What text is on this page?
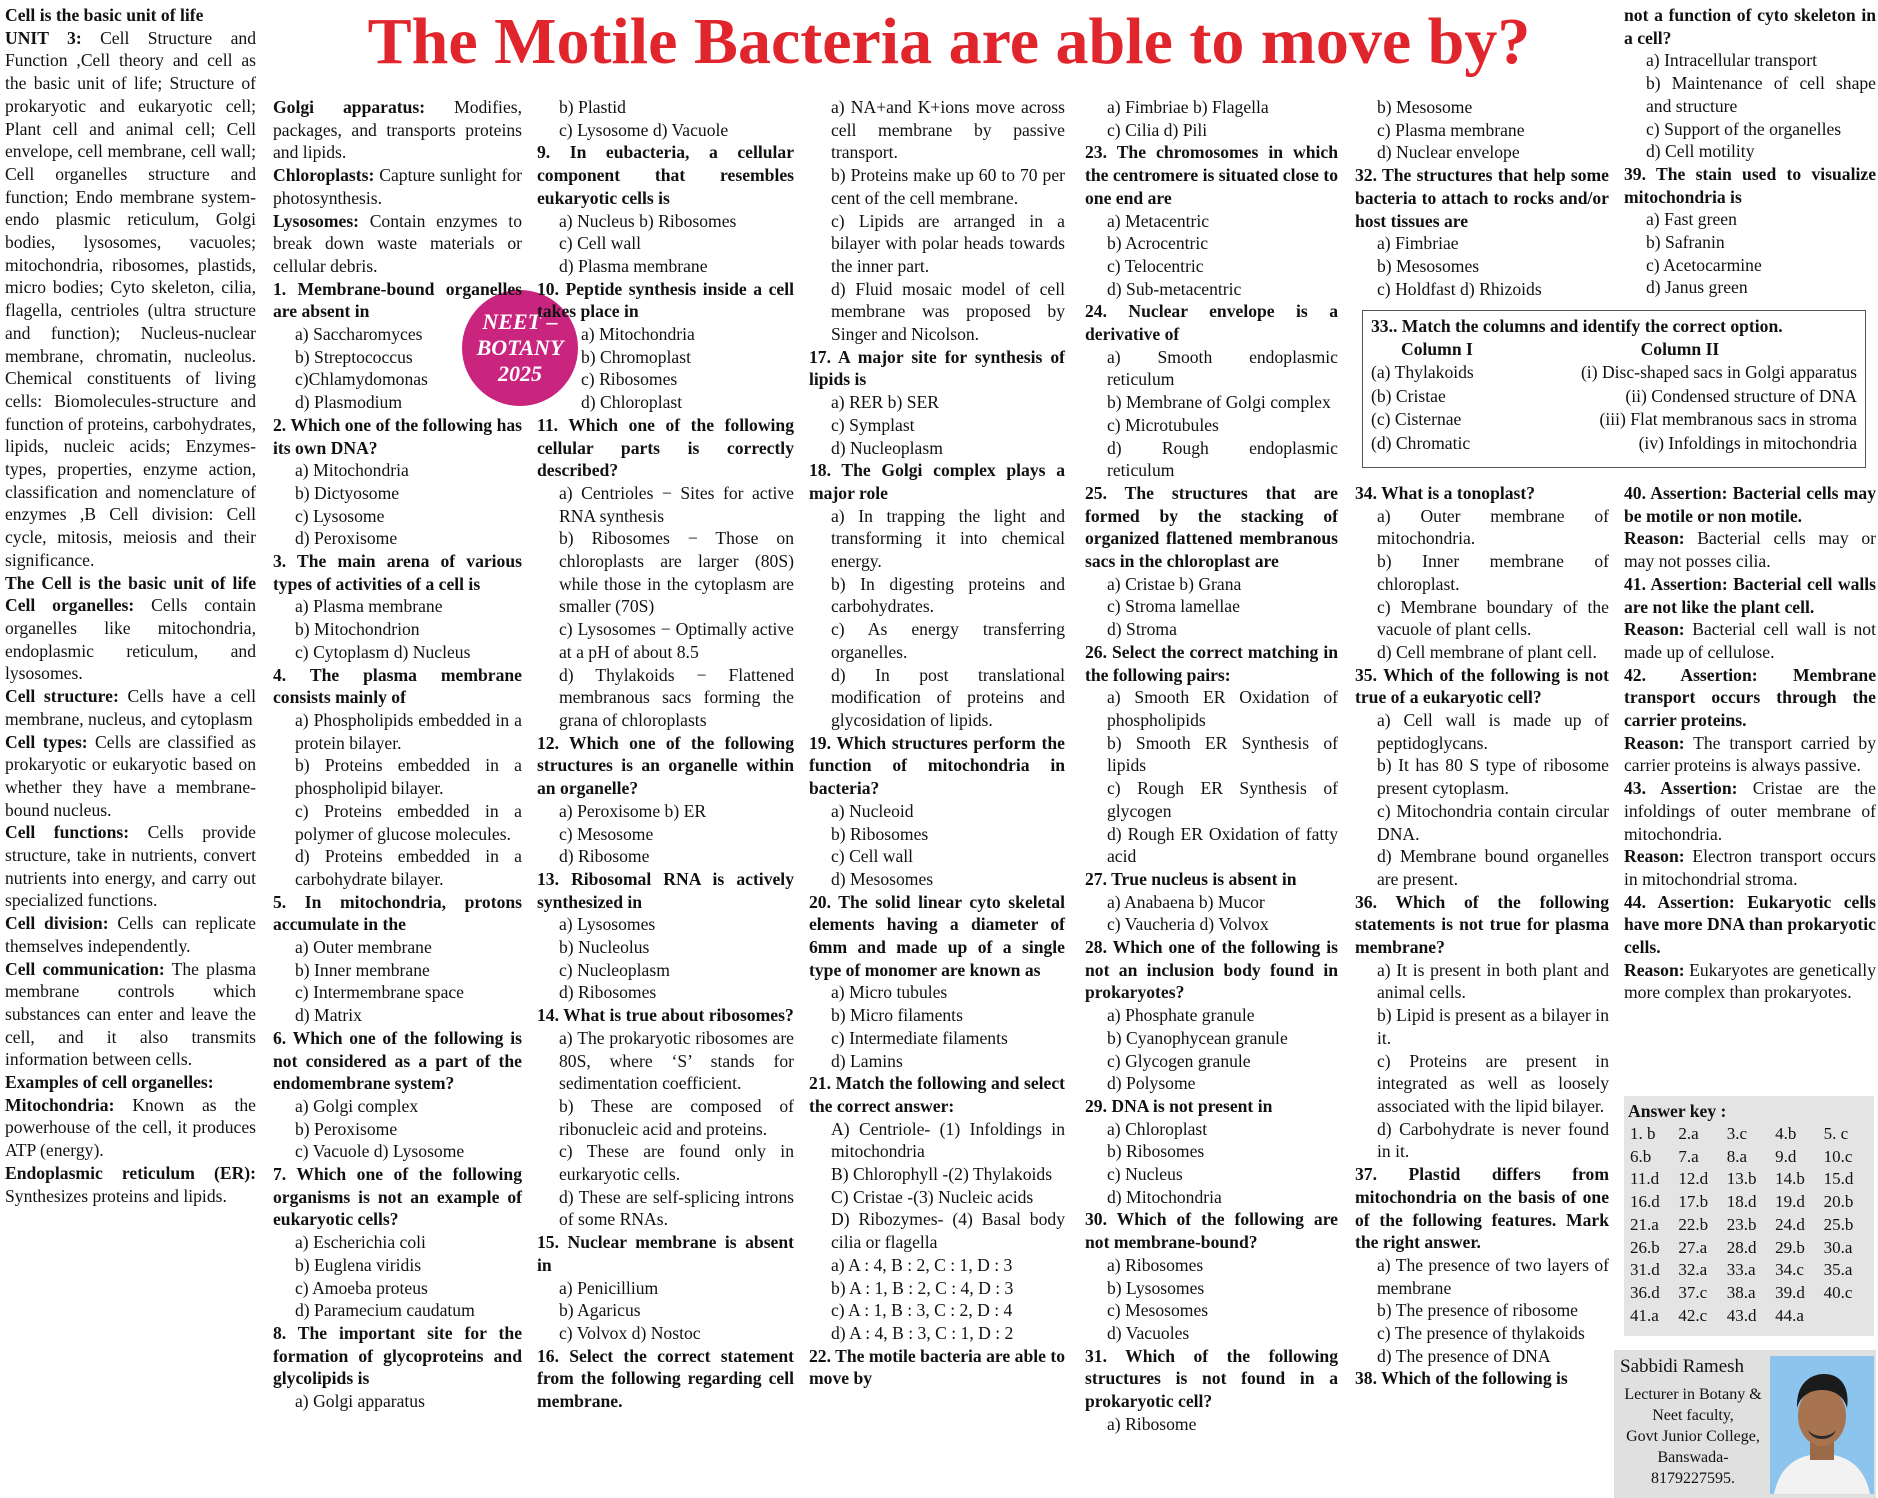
The Motile Bacteria are able to move by?
NEET –
BOTANY
2025

Cell is the basic unit of life

UNIT 3: Cell Structure and Function ,Cell theory and cell as the basic unit of life; Structure of prokaryotic and eukaryotic cell; Plant cell and animal cell; Cell envelope, cell membrane, cell wall; Cell organelles structure and function; Endo membrane system- endo plasmic reticulum, Golgi bodies, lysosomes, vacuoles; mitochondria, ribosomes, plastids, micro bodies; Cyto skeleton, cilia, flagella, centrioles (ultra structure and function); Nucleus-nuclear membrane, chromatin, nucleolus. Chemical constituents of living cells: Biomolecules-structure and function of proteins, carbohydrates, lipids, nucleic acids; Enzymes-types, properties, enzyme action, classification and nomenclature of enzymes ,B Cell division: Cell cycle, mitosis, meiosis and their significance.

The Cell is the basic unit of life Cell organelles: Cells contain organelles like mitochondria, endoplasmic reticulum, and lysosomes.

Cell structure: Cells have a cell membrane, nucleus, and cytoplasm

Cell types: Cells are classified as prokaryotic or eukaryotic based on whether they have a membrane-bound nucleus.

Cell functions: Cells provide structure, take in nutrients, convert nutrients into energy, and carry out specialized functions.

Cell division: Cells can replicate themselves independently.

Cell communication: The plasma membrane controls which substances can enter and leave the cell, and it also transmits information between cells.

Examples of cell organelles:

Mitochondria: Known as the powerhouse of the cell, it produces ATP (energy).

Endoplasmic reticulum (ER): Synthesizes proteins and lipids.

Golgi apparatus: Modifies, packages, and transports proteins and lipids.

Chloroplasts: Capture sunlight for photosynthesis.

Lysosomes: Contain enzymes to break down waste materials or cellular debris.

1. Membrane-bound organelles are absent in

a) Saccharomyces

b) Streptococcus

c)Chlamydomonas

d) Plasmodium

2. Which one of the following has its own DNA?

a) Mitochondria

b) Dictyosome

c) Lysosome

d) Peroxisome

3. The main arena of various types of activities of a cell is

a) Plasma membrane

b) Mitochondrion

c) Cytoplasm d) Nucleus

4. The plasma membrane consists mainly of

a) Phospholipids embedded in a protein bilayer.

b) Proteins embedded in a phospholipid bilayer.

c) Proteins embedded in a polymer of glucose molecules.

d) Proteins embedded in a carbohydrate bilayer.

5. In mitochondria, protons accumulate in the

a) Outer membrane

b) Inner membrane

c) Intermembrane space

d) Matrix

6. Which one of the following is not considered as a part of the endomembrane system?

a) Golgi complex

b) Peroxisome

c) Vacuole d) Lysosome

7. Which one of the following organisms is not an example of eukaryotic cells?

a) Escherichia coli

b) Euglena viridis

c) Amoeba proteus

d) Paramecium caudatum

8. The important site for the formation of glycoproteins and glycolipids is

a) Golgi apparatus

b) Plastid

c) Lysosome d) Vacuole

9. In eubacteria, a cellular component that resembles eukaryotic cells is

a) Nucleus b) Ribosomes

c) Cell wall

d) Plasma membrane

10. Peptide synthesis inside a cell takes place in

a) Mitochondria

b) Chromoplast

c) Ribosomes

d) Chloroplast

11. Which one of the following cellular parts is correctly described?

a) Centrioles − Sites for active RNA synthesis

b) Ribosomes − Those on chloroplasts are larger (80S) while those in the cytoplasm are smaller (70S)

c) Lysosomes − Optimally active at a pH of about 8.5

d) Thylakoids − Flattened membranous sacs forming the grana of chloroplasts

12. Which one of the following structures is an organelle within an organelle?

a) Peroxisome b) ER

c) Mesosome

d) Ribosome

13. Ribosomal RNA is actively synthesized in

a) Lysosomes

b) Nucleolus

c) Nucleoplasm

d) Ribosomes

14. What is true about ribosomes?

a) The prokaryotic ribosomes are 80S, where ‘S’ stands for sedimentation coefficient.

b) These are composed of ribonucleic acid and proteins.

c) These are found only in eurkaryotic cells.

d) These are self-splicing introns of some RNAs.

15. Nuclear membrane is absent in

a) Penicillium

b) Agaricus

c) Volvox d) Nostoc

16. Select the correct statement from the following regarding cell membrane.

a) NA+and K+ions move across cell membrane by passive transport.

b) Proteins make up 60 to 70 per cent of the cell membrane.

c) Lipids are arranged in a bilayer with polar heads towards the inner part.

d) Fluid mosaic model of cell membrane was proposed by Singer and Nicolson.

17. A major site for synthesis of lipids is

a) RER b) SER

c) Symplast

d) Nucleoplasm

18. The Golgi complex plays a major role

a) In trapping the light and transforming it into chemical energy.

b) In digesting proteins and carbohydrates.

c) As energy transferring organelles.

d) In post translational modification of proteins and glycosidation of lipids.

19. Which structures perform the function of mitochondria in bacteria?

a) Nucleoid

b) Ribosomes

c) Cell wall

d) Mesosomes

20. The solid linear cyto skeletal elements having a diameter of 6mm and made up of a single type of monomer are known as

a) Micro tubules

b) Micro filaments

c) Intermediate filaments

d) Lamins

21. Match the following and select the correct answer:

A) Centriole- (1) Infoldings in mitochondria

B) Chlorophyll -(2) Thylakoids

C) Cristae -(3) Nucleic acids

D) Ribozymes- (4) Basal body cilia or flagella

a) A : 4, B : 2, C : 1, D : 3

b) A : 1, B : 2, C : 4, D : 3

c) A : 1, B : 3, C : 2, D : 4

d) A : 4, B : 3, C : 1, D : 2

22. The motile bacteria are able to move by

a) Fimbriae b) Flagella

c) Cilia d) Pili

23. The chromosomes in which the centromere is situated close to one end are

a) Metacentric

b) Acrocentric

c) Telocentric

d) Sub-metacentric

24. Nuclear envelope is a derivative of

a) Smooth endoplasmic reticulum

b) Membrane of Golgi complex

c) Microtubules

d) Rough endoplasmic reticulum

25. The structures that are formed by the stacking of organized flattened membranous sacs in the chloroplast are

a) Cristae b) Grana

c) Stroma lamellae

d) Stroma

26. Select the correct matching in the following pairs:

a) Smooth ER Oxidation of phospholipids

b) Smooth ER Synthesis of lipids

c) Rough ER Synthesis of glycogen

d) Rough ER Oxidation of fatty acid

27. True nucleus is absent in

a) Anabaena b) Mucor

c) Vaucheria d) Volvox

28. Which one of the following is not an inclusion body found in prokaryotes?

a) Phosphate granule

b) Cyanophycean granule

c) Glycogen granule

d) Polysome

29. DNA is not present in

a) Chloroplast

b) Ribosomes

c) Nucleus

d) Mitochondria

30. Which of the following are not membrane-bound?

a) Ribosomes

b) Lysosomes

c) Mesosomes

d) Vacuoles

31. Which of the following structures is not found in a prokaryotic cell?

a) Ribosome

b) Mesosome

c) Plasma membrane

d) Nuclear envelope

32. The structures that help some bacteria to attach to rocks and/or host tissues are

a) Fimbriae

b) Mesosomes

c) Holdfast d) Rhizoids

not a function of cyto skeleton in a cell?

a) Intracellular transport

b) Maintenance of cell shape and structure

c) Support of the organelles

d) Cell motility

39. The stain used to visualize mitochondria is

a) Fast green

b) Safranin

c) Acetocarmine

d) Janus green

34. What is a tonoplast?

a) Outer membrane of mitochondria.

b) Inner membrane of chloroplast.

c) Membrane boundary of the vacuole of plant cells.

d) Cell membrane of plant cell.

35. Which of the following is not true of a eukaryotic cell?

a) Cell wall is made up of peptidoglycans.

b) It has 80 S type of ribosome present cytoplasm.

c) Mitochondria contain circular DNA.

d) Membrane bound organelles are present.

36. Which of the following statements is not true for plasma membrane?

a) It is present in both plant and animal cells.

b) Lipid is present as a bilayer in it.

c) Proteins are present in integrated as well as loosely associated with the lipid bilayer.

d) Carbohydrate is never found in it.

37. Plastid differs from mitochondria on the basis of one of the following features. Mark the right answer.

a) The presence of two layers of membrane

b) The presence of ribosome

c) The presence of thylakoids

d) The presence of DNA

38. Which of the following is

40. Assertion: Bacterial cells may be motile or non motile.

Reason: Bacterial cells may or may not posses cilia.

41. Assertion: Bacterial cell walls are not like the plant cell.

Reason: Bacterial cell wall is not made up of cellulose.

42. Assertion: Membrane transport occurs through the carrier proteins.

Reason: The transport carried by carrier proteins is always passive.

43. Assertion: Cristae are the infoldings of outer membrane of mitochondria.

Reason: Electron transport occurs in mitochondrial stroma.

44. Assertion: Eukaryotic cells have more DNA than prokaryotic cells.

Reason: Eukaryotes are genetically more complex than prokaryotes.

33.. Match the columns and identify the correct option.

Column I	Column II
(a) Thylakoids	(i) Disc-shaped sacs in Golgi apparatus
(b) Cristae	(ii) Condensed structure of DNA
(c) Cisternae	(iii) Flat membranous sacs in stroma
(d) Chromatic	(iv) Infoldings in mitochondria

Answer key :

1. b	2.a	3.c	4.b	5. c
6.b	7.a	8.a	9.d	10.c
11.d	12.d	13.b	14.b	15.d
16.d	17.b	18.d	19.d	20.b
21.a	22.b	23.b	24.d	25.b
26.b	27.a	28.d	29.b	30.a
31.d	32.a	33.a	34.c	35.a
36.d	37.c	38.a	39.d	40.c
41.a	42.c	43.d	44.a	
Sabbidi Ramesh
Lecturer in Botany &
Neet faculty,
Govt Junior College,
Banswada-
8179227595.
